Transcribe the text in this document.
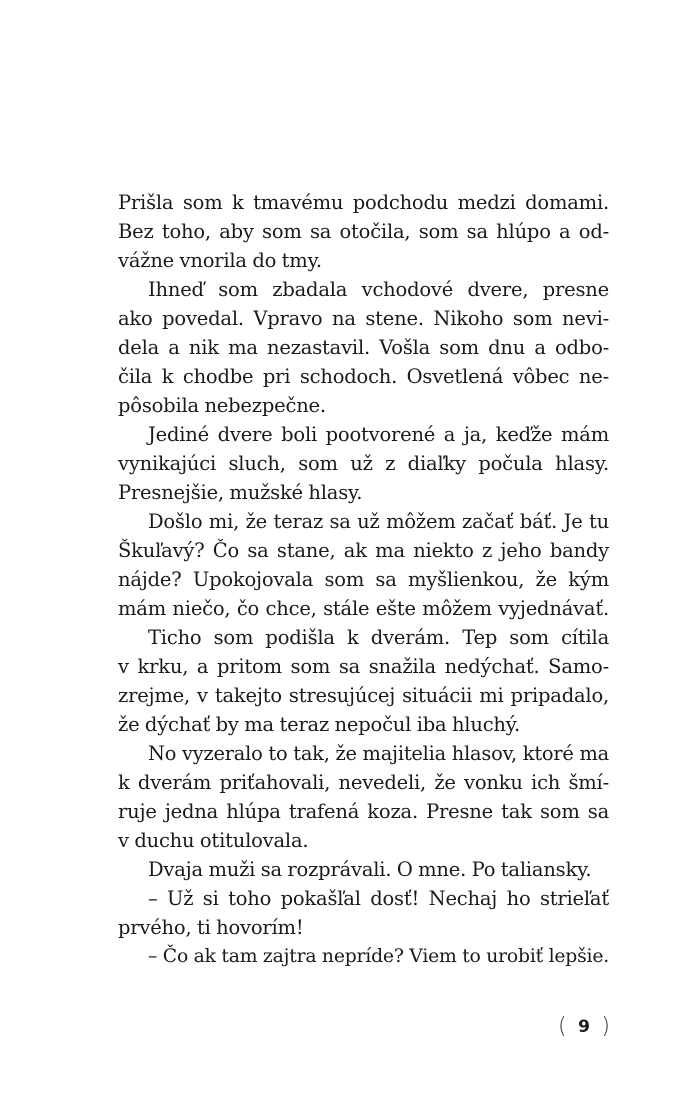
Prišla som k tmavému podchodu medzi domami.
Bez toho, aby som sa otočila, som sa hlúpo a od-
vážne vnorila do tmy.
Ihneď som zbadala vchodové dvere, presne
ako povedal. Vpravo na stene. Nikoho som nevi-
dela a nik ma nezastavil. Vošla som dnu a odbo-
čila k chodbe pri schodoch. Osvetlená vôbec ne-
pôsobila nebezpečne.
Jediné dvere boli pootvorené a ja, keďže mám
vynikajúci sluch, som už z diaľky počula hlasy.
Presnejšie, mužské hlasy.
Došlo mi, že teraz sa už môžem začať báť. Je tu
Škuľavý? Čo sa stane, ak ma niekto z jeho bandy
nájde? Upokojovala som sa myšlienkou, že kým
mám niečo, čo chce, stále ešte môžem vyjednávať.
Ticho som podišla k dverám. Tep som cítila
v krku, a pritom som sa snažila nedýchať. Samo-
zrejme, v takejto stresujúcej situácii mi pripadalo,
že dýchať by ma teraz nepočul iba hluchý.
No vyzeralo to tak, že majitelia hlasov, ktoré ma
k dverám priťahovali, nevedeli, že vonku ich šmí-
ruje jedna hlúpa trafená koza. Presne tak som sa
v duchu otitulovala.
Dvaja muži sa rozprávali. O mne. Po taliansky.
– Už si toho pokašľal dosť! Nechaj ho strieľať
prvého, ti hovorím!
– Čo ak tam zajtra nepríde? Viem to urobiť lepšie.
( 9 )
